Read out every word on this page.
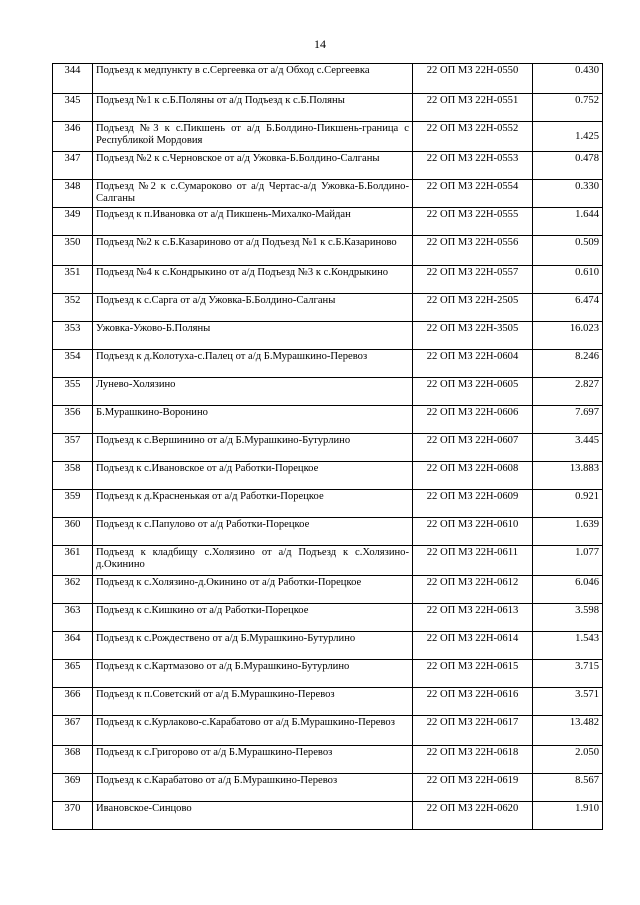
14
344	Подъезд к медпункту в с.Сергеевка от а/д Обход с.Сергеевка	22 ОП МЗ 22Н-0550	0.430
345	Подъезд №1 к с.Б.Поляны от а/д Подъезд к с.Б.Поляны	22 ОП МЗ 22Н-0551	0.752
346	Подъезд №3 к с.Пикшень от а/д Б.Болдино-Пикшень-граница с Республикой Мордовия	22 ОП МЗ 22Н-0552	1.425
347	Подъезд №2 к с.Черновское от а/д Ужовка-Б.Болдино-Салганы	22 ОП МЗ 22Н-0553	0.478
348	Подъезд №2 к с.Сумароково от а/д Чертас-а/д Ужовка-Б.Болдино-Салганы	22 ОП МЗ 22Н-0554	0.330
349	Подъезд к п.Ивановка от а/д Пикшень-Михалко-Майдан	22 ОП МЗ 22Н-0555	1.644
350	Подъезд №2 к с.Б.Казариново от а/д Подъезд №1 к с.Б.Казариново	22 ОП МЗ 22Н-0556	0.509
351	Подъезд №4 к с.Кондрыкино от а/д Подъезд №3 к с.Кондрыкино	22 ОП МЗ 22Н-0557	0.610
352	Подъезд к с.Сарга от а/д Ужовка-Б.Болдино-Салганы	22 ОП МЗ 22Н-2505	6.474
353	Ужовка-Ужово-Б.Поляны	22 ОП МЗ 22Н-3505	16.023
354	Подъезд к д.Колотуха-с.Палец от а/д Б.Мурашкино-Перевоз	22 ОП МЗ 22Н-0604	8.246
355	Лунево-Холязино	22 ОП МЗ 22Н-0605	2.827
356	Б.Мурашкино-Воронино	22 ОП МЗ 22Н-0606	7.697
357	Подъезд к с.Вершинино от а/д Б.Мурашкино-Бутурлино	22 ОП МЗ 22Н-0607	3.445
358	Подъезд к с.Ивановское от а/д Работки-Порецкое	22 ОП МЗ 22Н-0608	13.883
359	Подъезд к д.Красненькая от а/д Работки-Порецкое	22 ОП МЗ 22Н-0609	0.921
360	Подъезд к с.Папулово от а/д Работки-Порецкое	22 ОП МЗ 22Н-0610	1.639
361	Подъезд к кладбищу с.Холязино от а/д Подъезд к с.Холязино-д.Окинино	22 ОП МЗ 22Н-0611	1.077
362	Подъезд к с.Холязино-д.Окинино от а/д Работки-Порецкое	22 ОП МЗ 22Н-0612	6.046
363	Подъезд к с.Кишкино от а/д Работки-Порецкое	22 ОП МЗ 22Н-0613	3.598
364	Подъезд к с.Рождествено от а/д Б.Мурашкино-Бутурлино	22 ОП МЗ 22Н-0614	1.543
365	Подъезд к с.Картмазово от а/д Б.Мурашкино-Бутурлино	22 ОП МЗ 22Н-0615	3.715
366	Подъезд к п.Советский от а/д Б.Мурашкино-Перевоз	22 ОП МЗ 22Н-0616	3.571
367	Подъезд к с.Курлаково-с.Карабатово от а/д Б.Мурашкино-Перевоз	22 ОП МЗ 22Н-0617	13.482
368	Подъезд к с.Григорово от а/д Б.Мурашкино-Перевоз	22 ОП МЗ 22Н-0618	2.050
369	Подъезд к с.Карабатово от а/д Б.Мурашкино-Перевоз	22 ОП МЗ 22Н-0619	8.567
370	Ивановское-Синцово	22 ОП МЗ 22Н-0620	1.910
